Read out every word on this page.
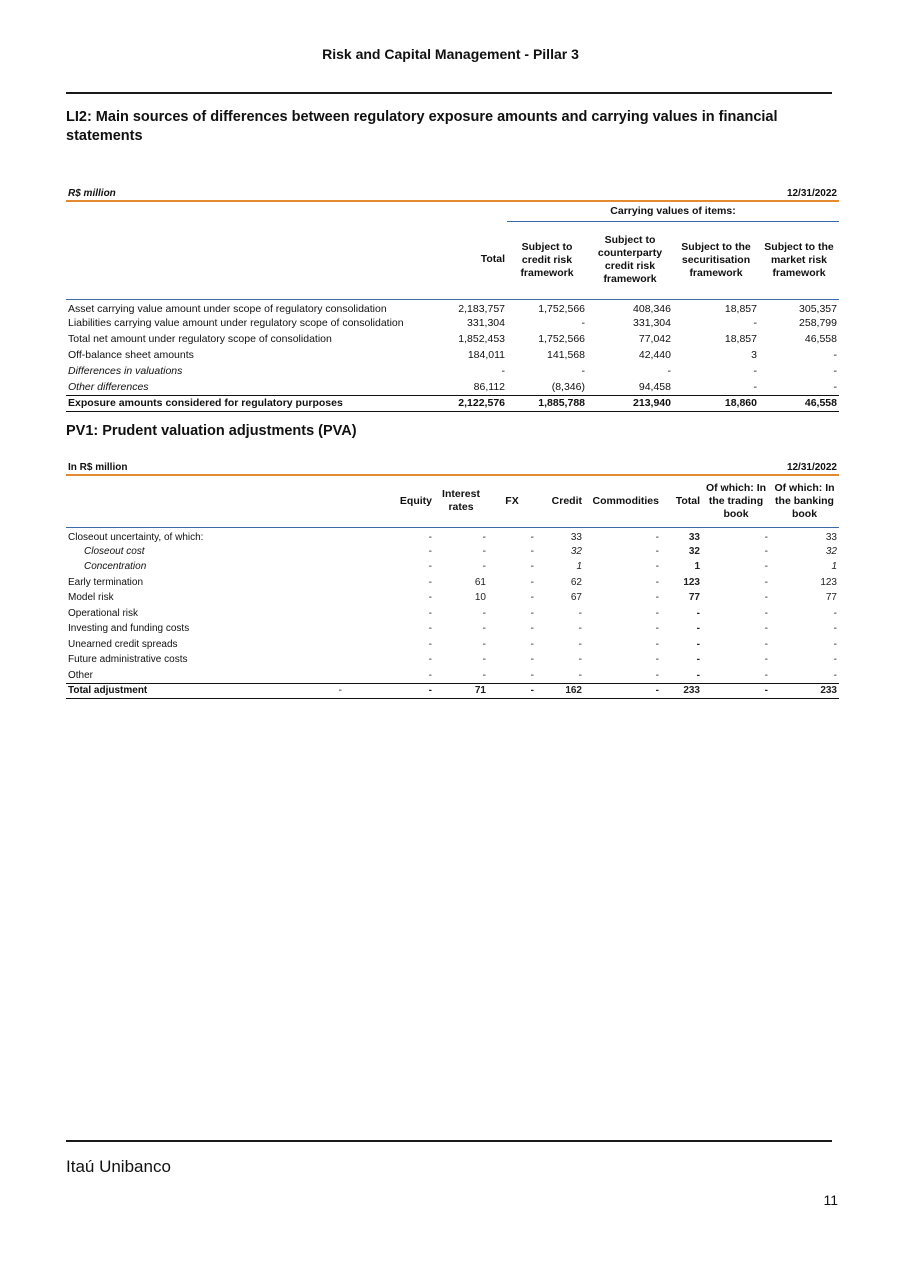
Risk and Capital Management - Pillar 3
LI2: Main sources of differences between regulatory exposure amounts and carrying values in financial statements
R$ million					12/31/2022
		Carrying values of items:			
	Total	Subject to credit risk framework	Subject to counterparty credit risk framework	Subject to the securitisation framework	Subject to the market risk framework
Asset carrying value amount under scope of regulatory consolidation	2,183,757	1,752,566	408,346	18,857	305,357
Liabilities carrying value amount under regulatory scope of consolidation	331,304	-	331,304	-	258,799
Total net amount under regulatory scope of consolidation	1,852,453	1,752,566	77,042	18,857	46,558
Off-balance sheet amounts	184,011	141,568	42,440	3	-
Differences in valuations	-	-	-	-	-
Other differences	86,112	(8,346)	94,458	-	-
Exposure amounts considered for regulatory purposes	2,122,576	1,885,788	213,940	18,860	46,558
PV1: Prudent valuation adjustments (PVA)
In R$ million									12/31/2022
		Equity	Interest rates	FX	Credit	Commodities	Total	Of which: In the trading book	Of which: In the banking book
Closeout uncertainty, of which:		-	-	-	33	-	33	-	33
Closeout cost		-	-	-	32	-	32	-	32
Concentration		-	-	-	1	-	1	-	1
Early termination		-	61	-	62	-	123	-	123
Model risk		-	10	-	67	-	77	-	77
Operational risk		-	-	-	-	-	-	-	-
Investing and funding costs		-	-	-	-	-	-	-	-
Unearned credit spreads		-	-	-	-	-	-	-	-
Future administrative costs		-	-	-	-	-	-	-	-
Other		-	-	-	-	-	-	-	-
Total adjustment	-	-	71	-	162	-	233	-	233
Itaú Unibanco
11
